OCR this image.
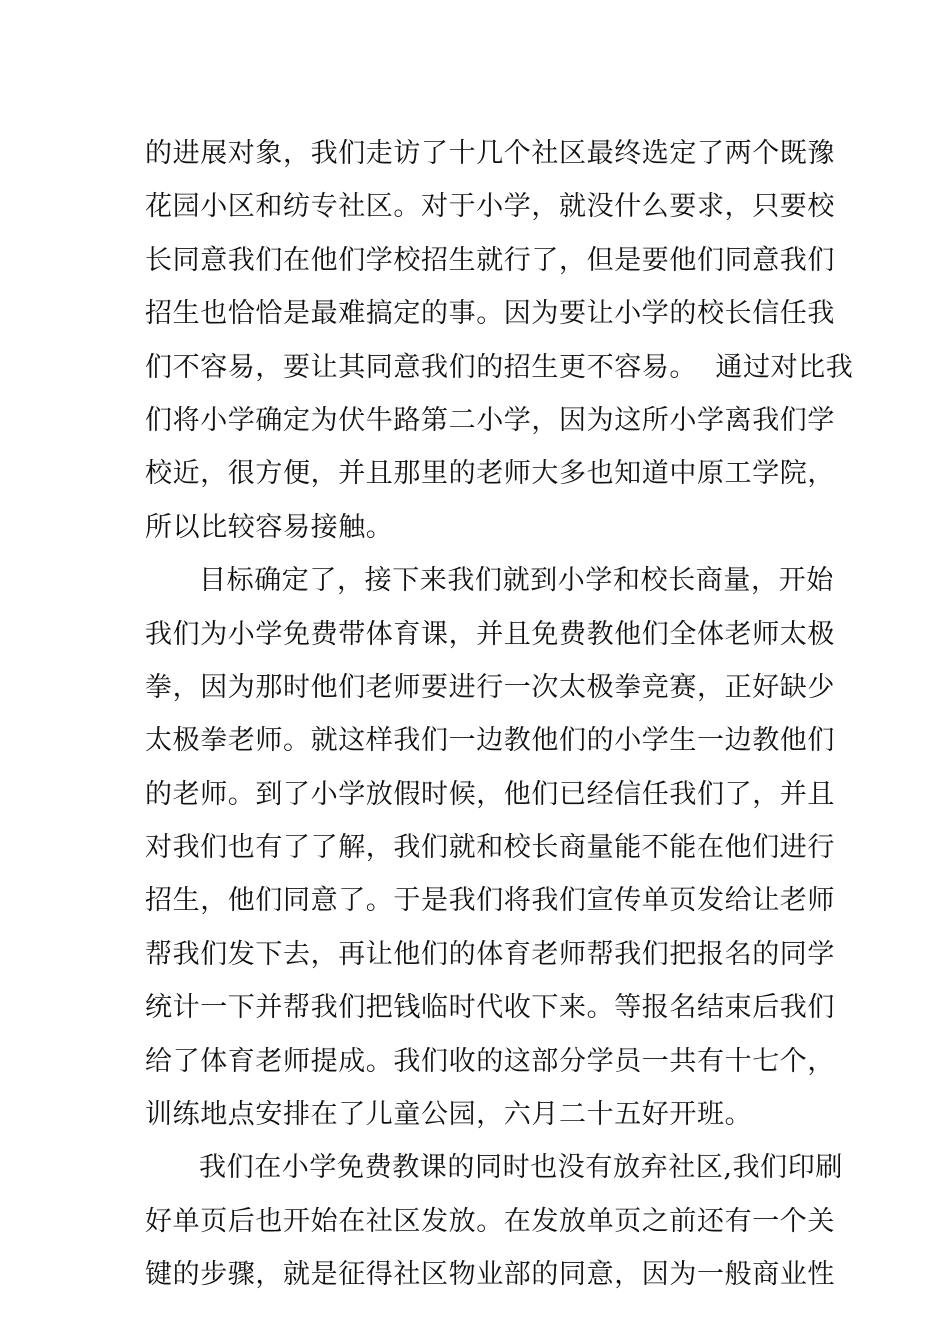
的进展对象，我们走访了十几个社区最终选定了两个既豫
花园小区和纺专社区。对于小学，就没什么要求，只要校
长同意我们在他们学校招生就行了，但是要他们同意我们
招生也恰恰是最难搞定的事。因为要让小学的校长信任我
们不容易，要让其同意我们的招生更不容易。  通过对比我
们将小学确定为伏牛路第二小学，因为这所小学离我们学
校近，很方便，并且那里的老师大多也知道中原工学院，
所以比较容易接触。
目标确定了，接下来我们就到小学和校长商量，开始
我们为小学免费带体育课，并且免费教他们全体老师太极
拳，因为那时他们老师要进行一次太极拳竞赛，正好缺少
太极拳老师。就这样我们一边教他们的小学生一边教他们
的老师。到了小学放假时候，他们已经信任我们了，并且
对我们也有了了解，我们就和校长商量能不能在他们进行
招生，他们同意了。于是我们将我们宣传单页发给让老师
帮我们发下去，再让他们的体育老师帮我们把报名的同学
统计一下并帮我们把钱临时代收下来。等报名结束后我们
给了体育老师提成。我们收的这部分学员一共有十七个，
训练地点安排在了儿童公园，六月二十五好开班。
我们在小学免费教课的同时也没有放弃社区,我们印刷
好单页后也开始在社区发放。在发放单页之前还有一个关
键的步骤，就是征得社区物业部的同意，因为一般商业性
